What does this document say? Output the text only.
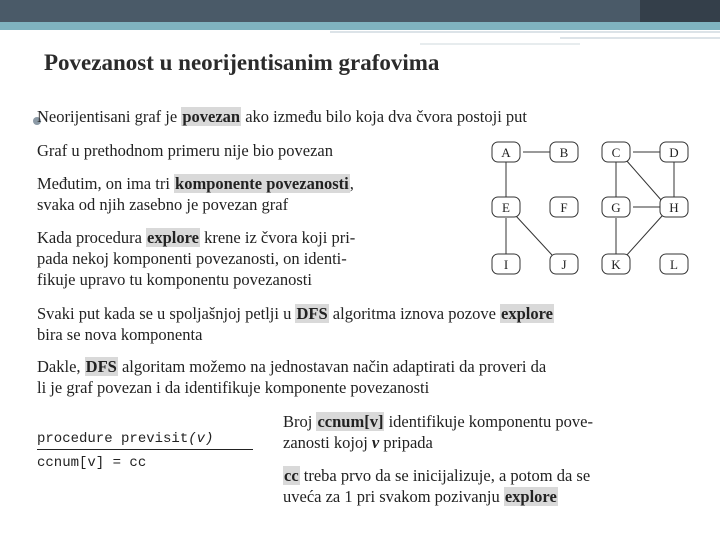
Povezanost u neorijentisanim grafovima
Neorijentisani graf je povezan ako između bilo koja dva čvora postoji put
Graf u prethodnom primeru nije bio povezan
Međutim, on ima tri komponente povezanosti,
svaka od njih zasebno je povezan graf
Kada procedura explore krene iz čvora koji pri-
pada nekoj komponenti povezanosti, on identi-
fikuje upravo tu komponentu povezanosti
Svaki put kada se u spoljašnjoj petlji u DFS algoritma iznova pozove explore
bira se nova komponenta
Dakle, DFS algoritam možemo na jednostavan način adaptirati da proveri da
li je graf povezan i da identifikuje komponente povezanosti
procedure previsit(v)
ccnum[v] = cc
Broj ccnum[v] identifikuje komponentu pove-
zanosti kojoj v pripada
cc treba prvo da se inicijalizuje, a potom da se
uveća za 1 pri svakom pozivanju explore
A	B	C	D
E	F	G	H
I	J	K	L
